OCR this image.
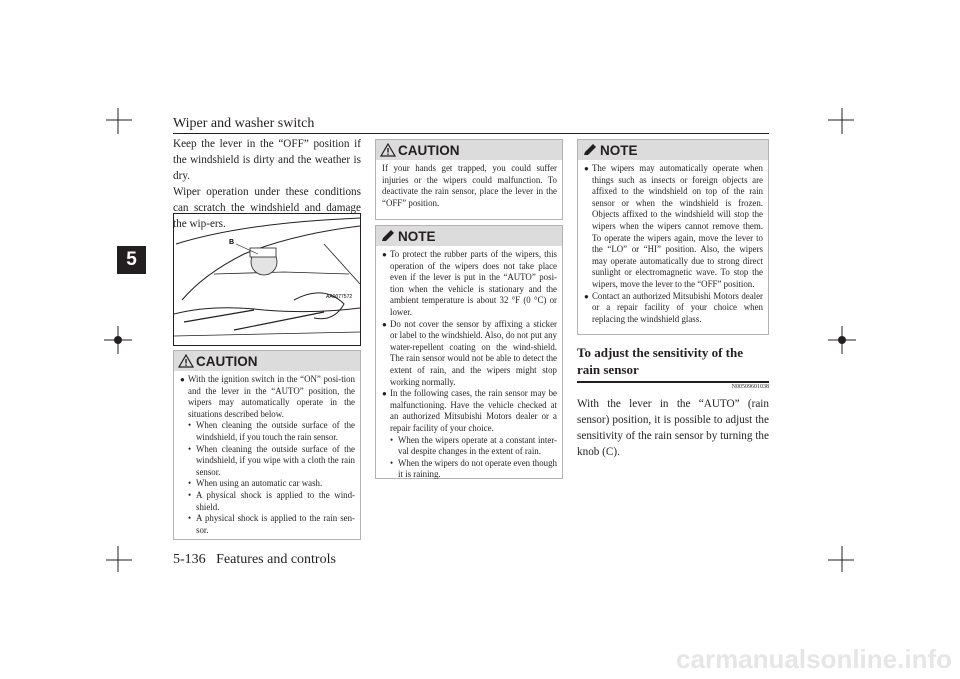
Wiper and washer switch
5

Keep the lever in the “OFF” position if the windshield is dirty and the weather is dry.

Wiper operation under these conditions can scratch the windshield and damage the wip-ers.

B
AA0077572
CAUTION
● With the ignition switch in the “ON” posi-tion and the lever in the “AUTO” position, the wipers may automatically operate in the situations described below.
• When cleaning the outside surface of the windshield, if you touch the rain sensor.
• When cleaning the outside surface of the windshield, if you wipe with a cloth the rain sensor.
• When using an automatic car wash.
• A physical shock is applied to the wind-shield.
• A physical shock is applied to the rain sen-sor.
CAUTION
If your hands get trapped, you could suffer injuries or the wipers could malfunction. To deactivate the rain sensor, place the lever in the “OFF” position.
NOTE
● To protect the rubber parts of the wipers, this operation of the wipers does not take place even if the lever is put in the “AUTO” posi-tion when the vehicle is stationary and the ambient temperature is about 32 °F (0 °C) or lower.
● Do not cover the sensor by affixing a sticker or label to the windshield. Also, do not put any water-repellent coating on the wind-shield. The rain sensor would not be able to detect the extent of rain, and the wipers might stop working normally.
● In the following cases, the rain sensor may be malfunctioning. Have the vehicle checked at an authorized Mitsubishi Motors dealer or a repair facility of your choice.
• When the wipers operate at a constant inter-val despite changes in the extent of rain.
• When the wipers do not operate even though it is raining.
NOTE
● The wipers may automatically operate when things such as insects or foreign objects are affixed to the windshield on top of the rain sensor or when the windshield is frozen. Objects affixed to the windshield will stop the wipers when the wipers cannot remove them. To operate the wipers again, move the lever to the “LO” or “HI” position. Also, the wipers may operate automatically due to strong direct sunlight or electromagnetic wave. To stop the wipers, move the lever to the “OFF” position.
● Contact an authorized Mitsubishi Motors dealer or a repair facility of your choice when replacing the windshield glass.
To adjust the sensitivity of the rain sensor
N00509601038
With the lever in the “AUTO” (rain sensor) position, it is possible to adjust the sensitivity of the rain sensor by turning the knob (C).
5-136 Features and controls
carmanualsonline.info
